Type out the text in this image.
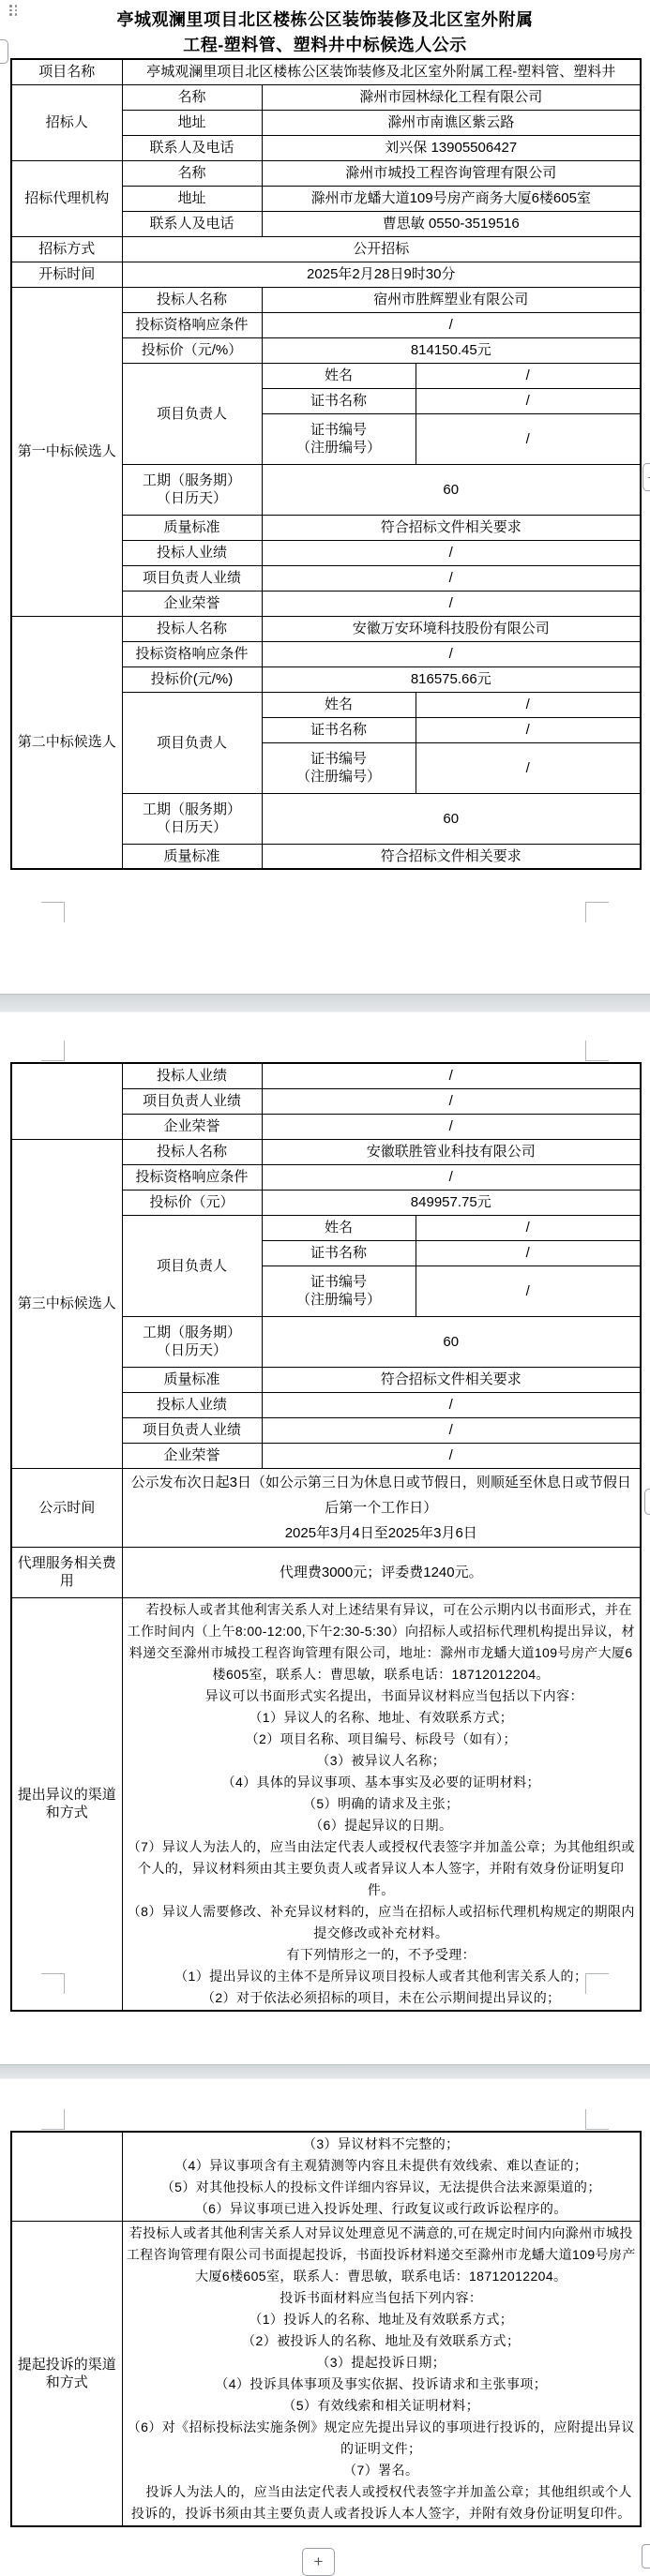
+
亭城观澜里项目北区楼栋公区装饰装修及北区室外附属工程-塑料管、塑料井中标候选人公示
项目名称	亭城观澜里项目北区楼栋公区装饰装修及北区室外附属工程-塑料管、塑料井		
招标人	名称	滁州市园林绿化工程有限公司	
	地址	滁州市南谯区紫云路	
	联系人及电话	刘兴保 13905506427	
招标代理机构	名称	滁州市城投工程咨询管理有限公司	
	地址	滁州市龙蟠大道109号房产商务大厦6楼605室	
	联系人及电话	曹思敏 0550-3519516	
招标方式	公开招标		
开标时间	2025年2月28日9时30分		
第一中标候选人	投标人名称	宿州市胜辉塑业有限公司	
	投标资格响应条件	/	
	投标价（元/%）	814150.45元	
	项目负责人	姓名	/
		证书名称	/

		证书编号
（注册编号）	/

	工期（服务期）
（日历天）	60	
	质量标准	符合招标文件相关要求	
	投标人业绩	/	
	项目负责人业绩	/	
	企业荣誉	/	
第二中标候选人	投标人名称	安徽万安环境科技股份有限公司	
	投标资格响应条件	/	
	投标价(元/%)	816575.66元	
	项目负责人	姓名	/
		证书名称	/

		证书编号
（注册编号）	/

	工期（服务期）
（日历天）	60	
	质量标准	符合招标文件相关要求	
	投标人业绩	/	
	项目负责人业绩	/	
	企业荣誉	/	
第三中标候选人	投标人名称	安徽联胜管业科技有限公司	
	投标资格响应条件	/	
	投标价（元）	849957.75元	
	项目负责人	姓名	/
		证书名称	/

		证书编号
（注册编号）	/

	工期（服务期）
（日历天）	60	
	质量标准	符合招标文件相关要求	
	投标人业绩	/	
	项目负责人业绩	/	
	企业荣誉	/	
公示时间	公示发布次日起3日（如公示第三日为休息日或节假日，则顺延至休息日或节假日后第一个工作日）
2025年3月4日至2025年3月6日		

代理服务相关费用	代理费3000元；评委费1240元。		
提出异议的渠道和方式	

若投标人或者其他利害关系人对上述结果有异议，可在公示期内以书面形式，并在工作时间内（上午8:00-12:00,下午2:30-5:30）向招标人或招标代理机构提出异议，材料递交至滁州市城投工程咨询管理有限公司，地址：滁州市龙蟠大道109号房产大厦6楼605室，联系人：曹思敏，联系电话：18712012204。

异议可以书面形式实名提出，书面异议材料应当包括以下内容：

（1）异议人的名称、地址、有效联系方式；

（2）项目名称、项目编号、标段号（如有）；

（3）被异议人名称；

（4）具体的异议事项、基本事实及必要的证明材料；

（5）明确的请求及主张；

（6）提起异议的日期。

（7）异议人为法人的，应当由法定代表人或授权代表签字并加盖公章；为其他组织或个人的，异议材料须由其主要负责人或者异议人本人签字，并附有效身份证明复印件。

（8）异议人需要修改、补充异议材料的，应当在招标人或招标代理机构规定的期限内提交修改或补充材料。

有下列情形之一的，不予受理：

（1）提出异议的主体不是所异议项目投标人或者其他利害关系人的；

（2）对于依法必须招标的项目，未在公示期间提出异议的；

	（3）异议材料不完整的；

（4）异议事项含有主观猜测等内容且未提供有效线索、难以查证的；

（5）对其他投标人的投标文件详细内容异议，无法提供合法来源渠道的；

（6）异议事项已进入投诉处理、行政复议或行政诉讼程序的。

提起投诉的渠道和方式	

若投标人或者其他利害关系人对异议处理意见不满意的,可在规定时间内向滁州市城投工程咨询管理有限公司书面提起投诉，书面投诉材料递交至滁州市龙蟠大道109号房产大厦6楼605室，联系人：曹思敏，联系电话：18712012204。

投诉书面材料应当包括下列内容：

（1）投诉人的名称、地址及有效联系方式；

（2）被投诉人的名称、地址及有效联系方式；

（3）提起投诉日期；

（4）投诉具体事项及事实依据、投诉请求和主张事项；

（5）有效线索和相关证明材料；

（6）对《招标投标法实施条例》规定应先提出异议的事项进行投诉的，应附提出异议的证明文件；

（7）署名。

投诉人为法人的，应当由法定代表人或授权代表签字并加盖公章；其他组织或个人投诉的，投诉书须由其主要负责人或者投诉人本人签字，并附有效身份证明复印件。
